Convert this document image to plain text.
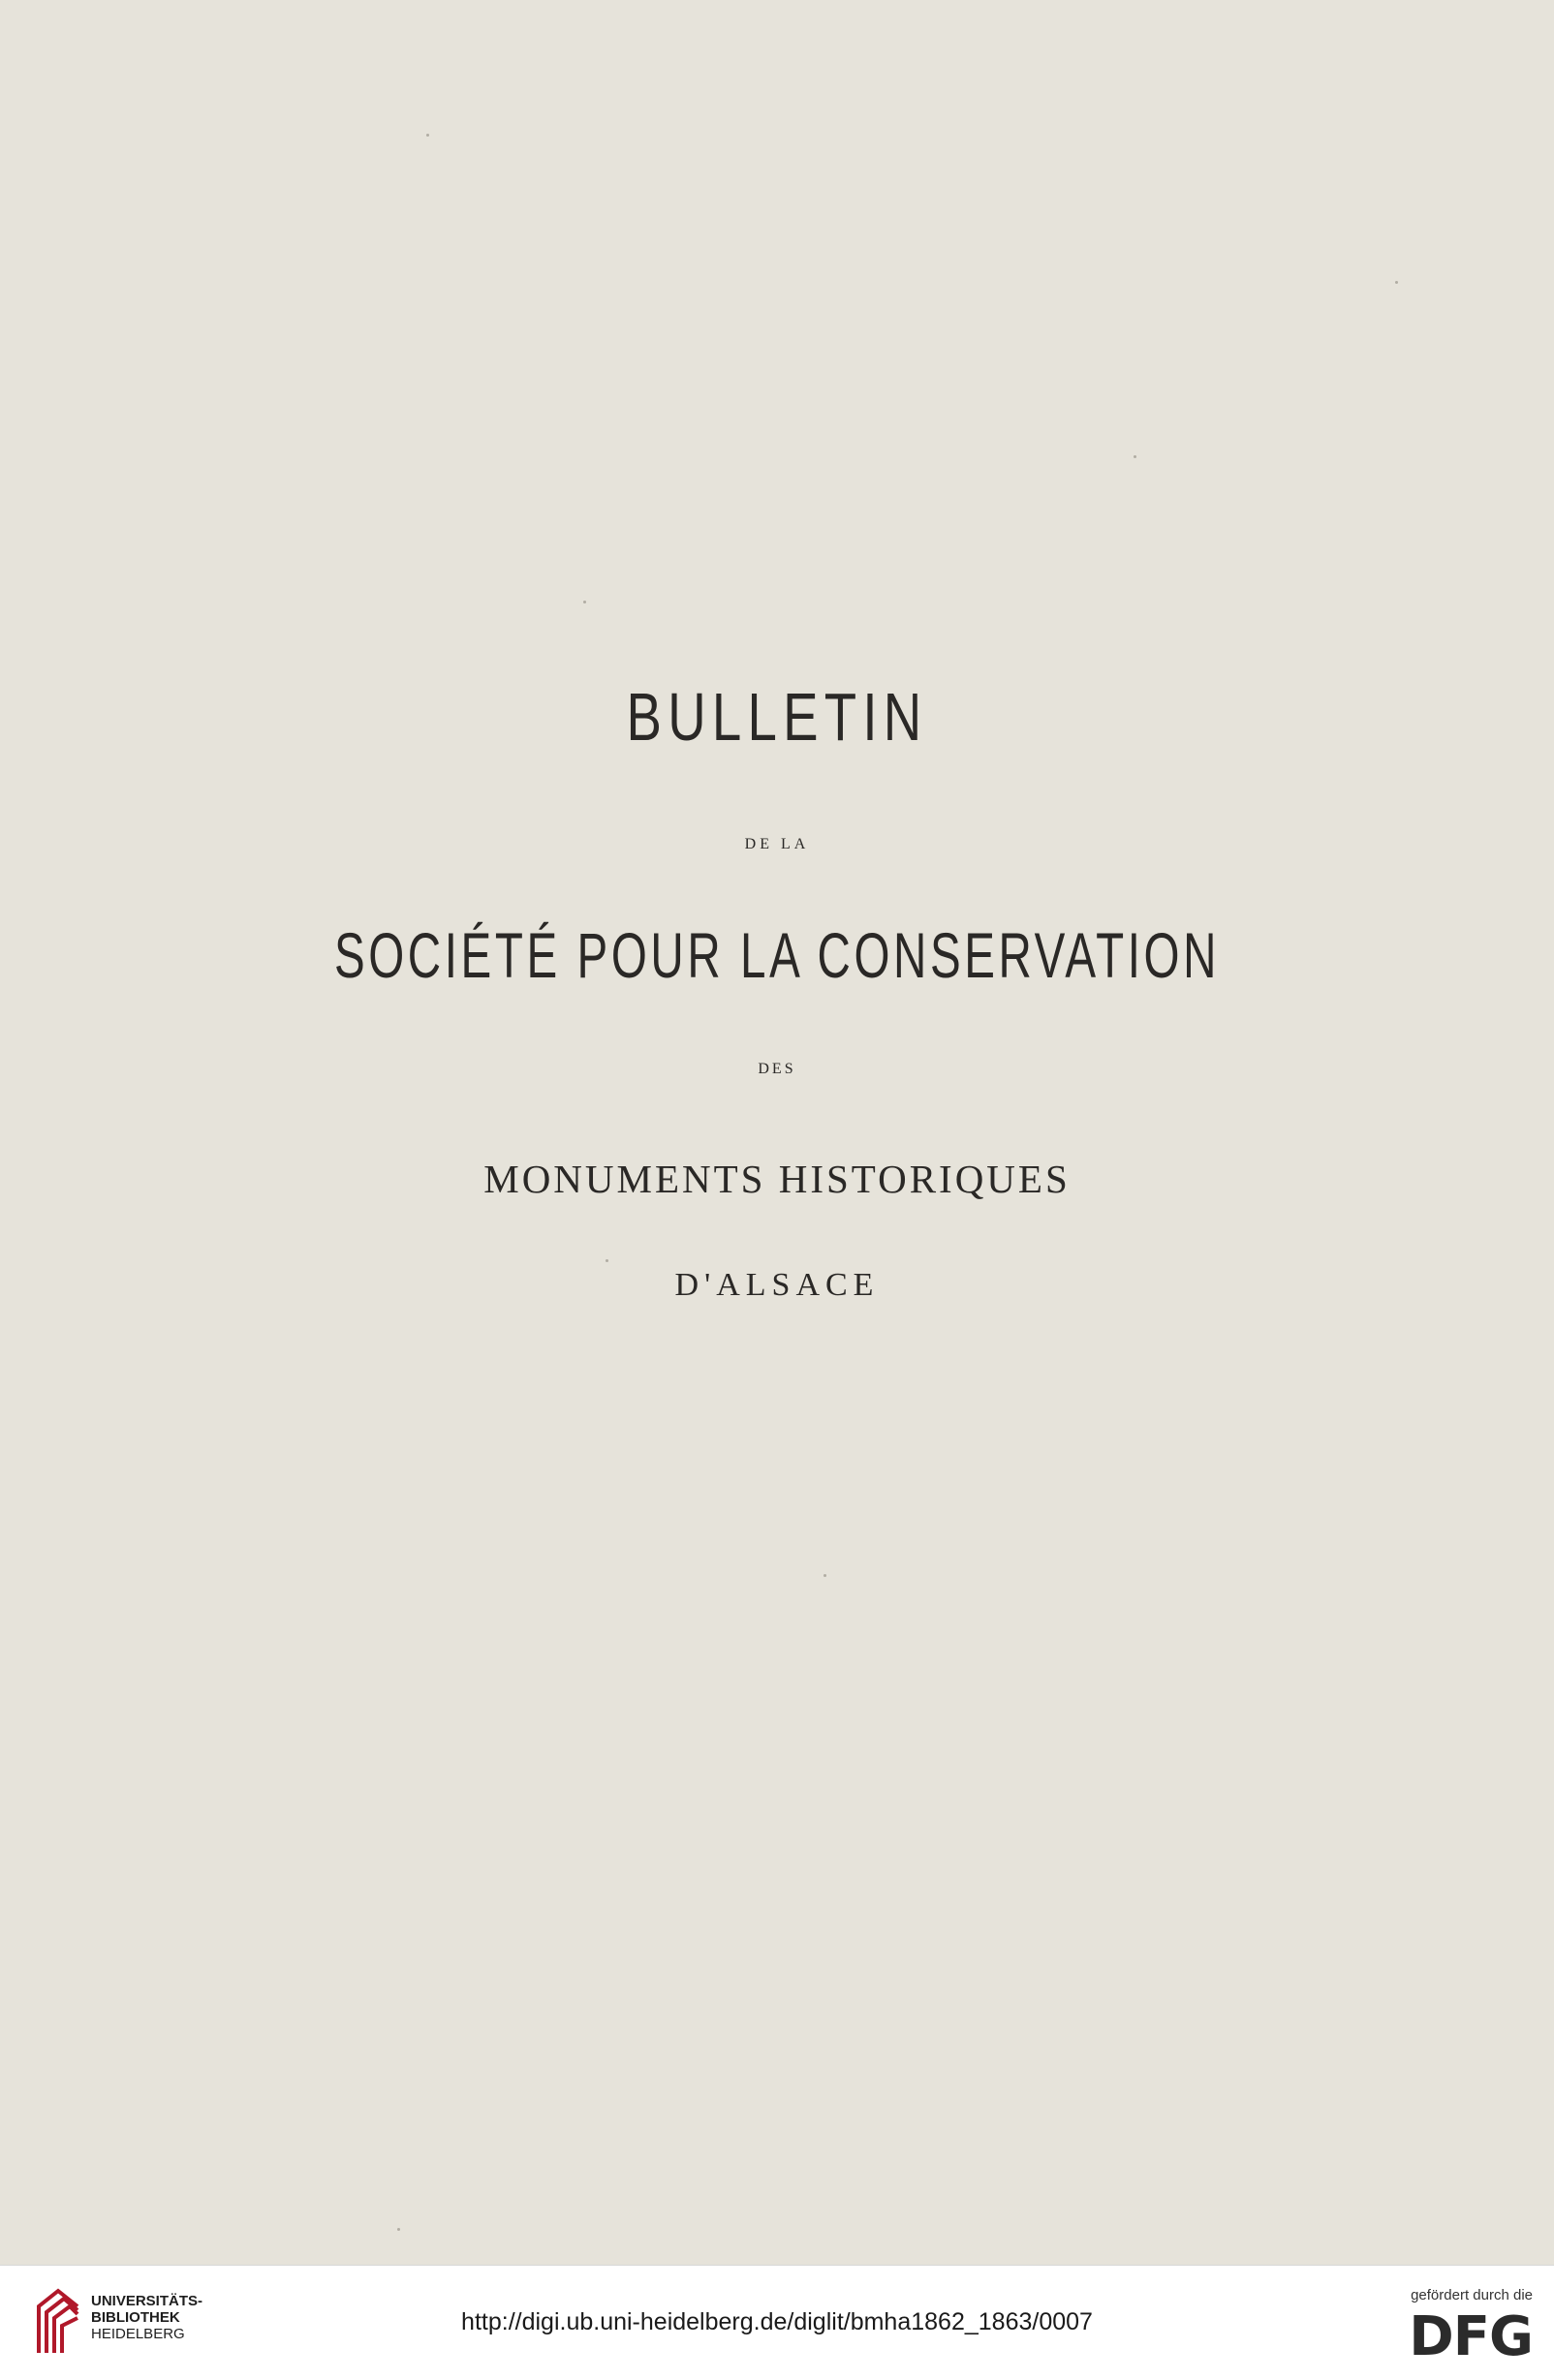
BULLETIN
DE LA
SOCIÉTÉ POUR LA CONSERVATION
DES
MONUMENTS HISTORIQUES
D'ALSACE
UNIVERSITÄTS-
BIBLIOTHEK
HEIDELBERG	http://digi.ub.uni-heidelberg.de/diglit/bmha1862_1863/0007
gefördert durch die
DFG
